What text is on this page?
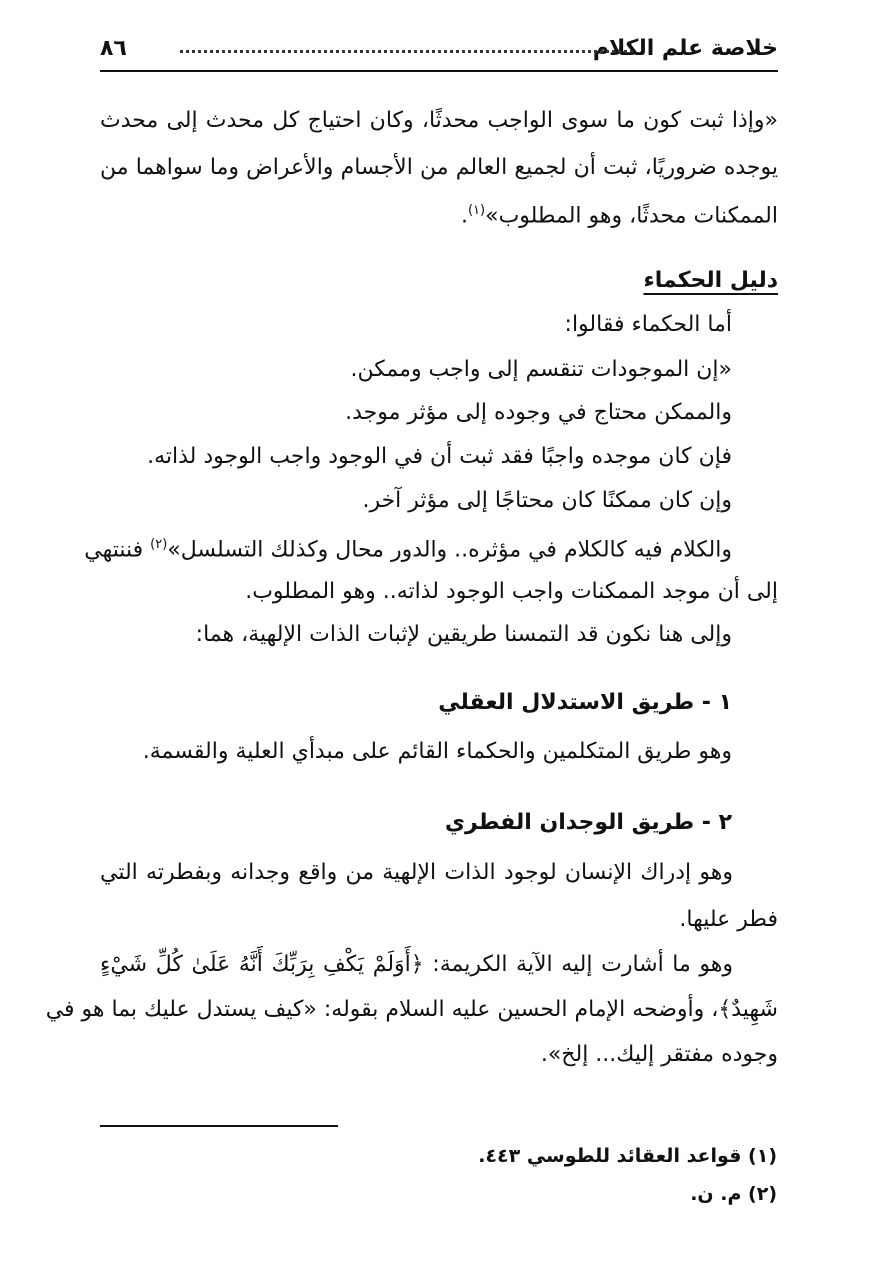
خلاصة علم الكلام
٨٦
«وإذا ثبت كون ما سوى الواجب محدثًا، وكان احتياج كل محدث إلى محدث
يوجده ضروريًا، ثبت أن لجميع العالم من الأجسام والأعراض وما سواهما من
الممكنات محدثًا، وهو المطلوب»$^{(١)}$.
دليل الحكماء
أما الحكماء فقالوا:
«إن الموجودات تنقسم إلى واجب وممكن.
والممكن محتاج في وجوده إلى مؤثر موجد.
فإن كان موجده واجبًا فقد ثبت أن في الوجود واجب الوجود لذاته.
وإن كان ممكنًا كان محتاجًا إلى مؤثر آخر.
والكلام فيه كالكلام في مؤثره.. والدور محال وكذلك التسلسل»$^{(٢)}$ فننتهي
إلى أن موجد الممكنات واجب الوجود لذاته.. وهو المطلوب.
وإلى هنا نكون قد التمسنا طريقين لإثبات الذات الإلهية، هما:
١ - طريق الاستدلال العقلي
وهو طريق المتكلمين والحكماء القائم على مبدأي العلية والقسمة.
٢ - طريق الوجدان الفطري
وهو إدراك الإنسان لوجود الذات الإلهية من واقع وجدانه وبفطرته التي
فطر عليها.
وهو ما أشارت إليه الآية الكريمة: ﴿أَوَلَمْ يَكْفِ بِرَبِّكَ أَنَّهُ عَلَىٰ كُلِّ شَيْءٍ
شَهِيدٌ﴾، وأوضحه الإمام الحسين عليه السلام بقوله: «كيف يستدل عليك بما هو في
وجوده مفتقر إليك... إلخ».
(١) قواعد العقائد للطوسي ٤٤٣.
(٢) م. ن.
